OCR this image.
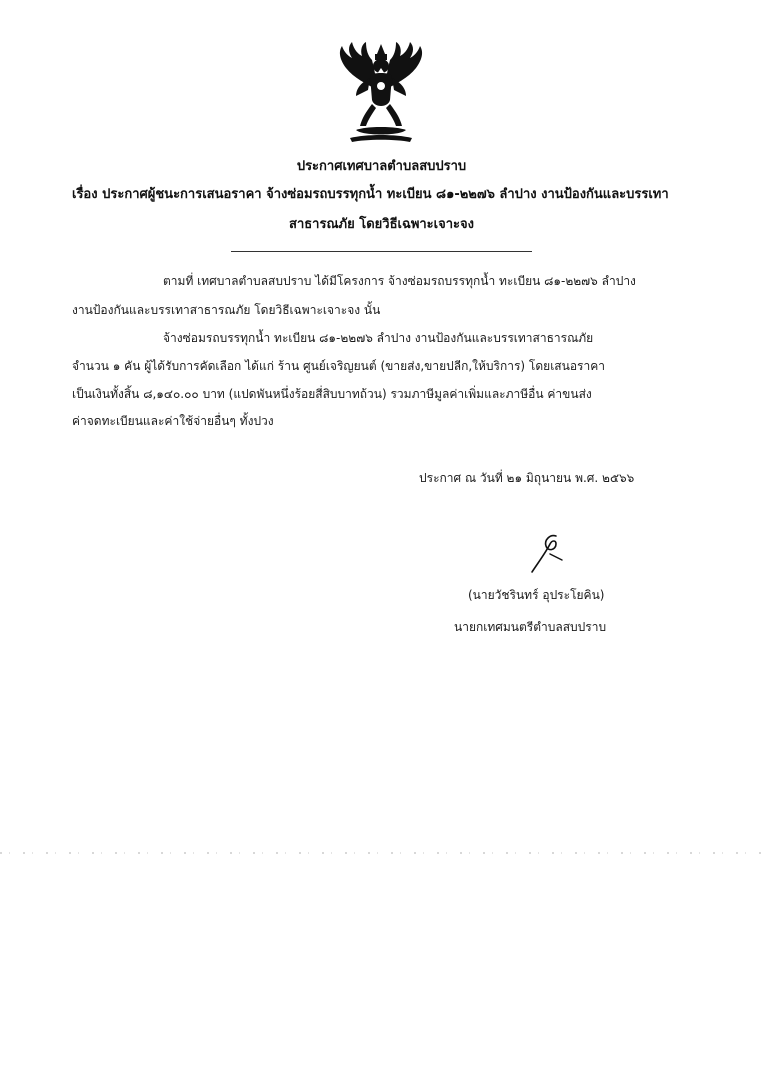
ประกาศเทศบาลตำบลสบปราบ
เรื่อง ประกาศผู้ชนะการเสนอราคา จ้างซ่อมรถบรรทุกน้ำ ทะเบียน ๘๑-๒๒๗๖ ลำปาง งานป้องกันและบรรเทา
สาธารณภัย โดยวิธีเฉพาะเจาะจง
ตามที่ เทศบาลตำบลสบปราบ ได้มีโครงการ จ้างซ่อมรถบรรทุกน้ำ ทะเบียน ๘๑-๒๒๗๖ ลำปาง
งานป้องกันและบรรเทาสาธารณภัย โดยวิธีเฉพาะเจาะจง นั้น
จ้างซ่อมรถบรรทุกน้ำ ทะเบียน ๘๑-๒๒๗๖ ลำปาง งานป้องกันและบรรเทาสาธารณภัย
จำนวน ๑ คัน ผู้ได้รับการคัดเลือก ได้แก่ ร้าน ศูนย์เจริญยนต์ (ขายส่ง,ขายปลีก,ให้บริการ) โดยเสนอราคา
เป็นเงินทั้งสิ้น ๘,๑๔๐.๐๐ บาท (แปดพันหนึ่งร้อยสี่สิบบาทถ้วน) รวมภาษีมูลค่าเพิ่มและภาษีอื่น ค่าขนส่ง
ค่าจดทะเบียนและค่าใช้จ่ายอื่นๆ ทั้งปวง
ประกาศ ณ วันที่ ๒๑ มิถุนายน พ.ศ. ๒๕๖๖
(นายวัชรินทร์ อุประโยคิน)
นายกเทศมนตรีตำบลสบปราบ
